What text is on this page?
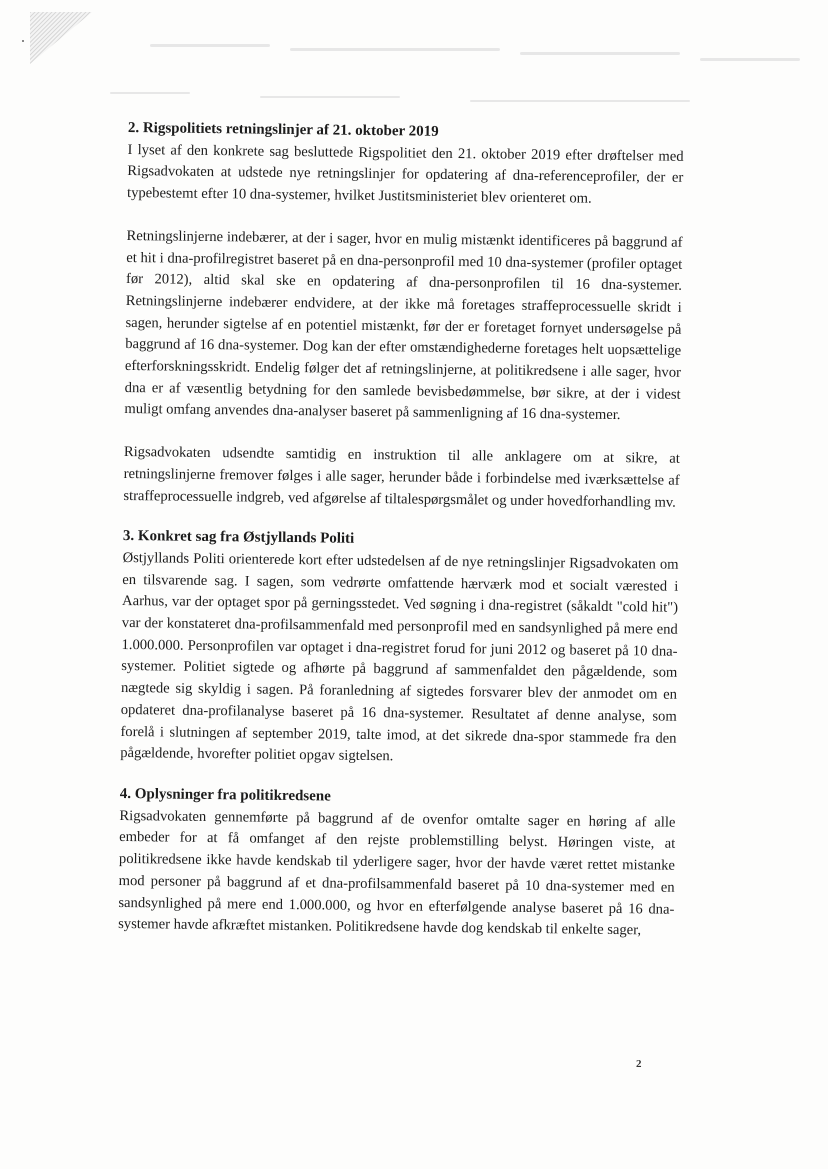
2. Rigspolitiets retningslinjer af 21. oktober 2019

I lyset af den konkrete sag besluttede Rigspolitiet den 21. oktober 2019 efter drøftelser med Rigsadvokaten at udstede nye retningslinjer for opdatering af dna-referenceprofiler, der er typebestemt efter 10 dna-systemer, hvilket Justitsministeriet blev orienteret om.

Retningslinjerne indebærer, at der i sager, hvor en mulig mistænkt identificeres på baggrund af et hit i dna-profilregistret baseret på en dna-personprofil med 10 dna-systemer (profiler optaget før 2012), altid skal ske en opdatering af dna-personprofilen til 16 dna-systemer. Retningslinjerne indebærer endvidere, at der ikke må foretages straffeprocessuelle skridt i sagen, herunder sigtelse af en potentiel mistænkt, før der er foretaget fornyet undersøgelse på baggrund af 16 dna-systemer. Dog kan der efter omstændighederne foretages helt uopsættelige efterforskningsskridt. Endelig følger det af retningslinjerne, at politikredsene i alle sager, hvor dna er af væsentlig betydning for den samlede bevisbedømmelse, bør sikre, at der i videst muligt omfang anvendes dna-analyser baseret på sammenligning af 16 dna-systemer.

Rigsadvokaten udsendte samtidig en instruktion til alle anklagere om at sikre, at retningslinjerne fremover følges i alle sager, herunder både i forbindelse med iværksættelse af straffeprocessuelle indgreb, ved afgørelse af tiltalespørgsmålet og under hovedforhandling mv.

3. Konkret sag fra Østjyllands Politi

Østjyllands Politi orienterede kort efter udstedelsen af de nye retningslinjer Rigsadvokaten om en tilsvarende sag. I sagen, som vedrørte omfattende hærværk mod et socialt værested i Aarhus, var der optaget spor på gerningsstedet. Ved søgning i dna-registret (såkaldt "cold hit") var der konstateret dna-profilsammenfald med personprofil med en sandsynlighed på mere end 1.000.000. Personprofilen var optaget i dna-registret forud for juni 2012 og baseret på 10 dna-systemer. Politiet sigtede og afhørte på baggrund af sammenfaldet den pågældende, som nægtede sig skyldig i sagen. På foranledning af sigtedes forsvarer blev der anmodet om en opdateret dna-profilanalyse baseret på 16 dna-systemer. Resultatet af denne analyse, som forelå i slutningen af september 2019, talte imod, at det sikrede dna-spor stammede fra den pågældende, hvorefter politiet opgav sigtelsen.

4. Oplysninger fra politikredsene

Rigsadvokaten gennemførte på baggrund af de ovenfor omtalte sager en høring af alle embeder for at få omfanget af den rejste problemstilling belyst. Høringen viste, at politikredsene ikke havde kendskab til yderligere sager, hvor der havde været rettet mistanke mod personer på baggrund af et dna-profilsammenfald baseret på 10 dna-systemer med en sandsynlighed på mere end 1.000.000, og hvor en efterfølgende analyse baseret på 16 dna-systemer havde afkræftet mistanken. Politikredsene havde dog kendskab til enkelte sager,

2
